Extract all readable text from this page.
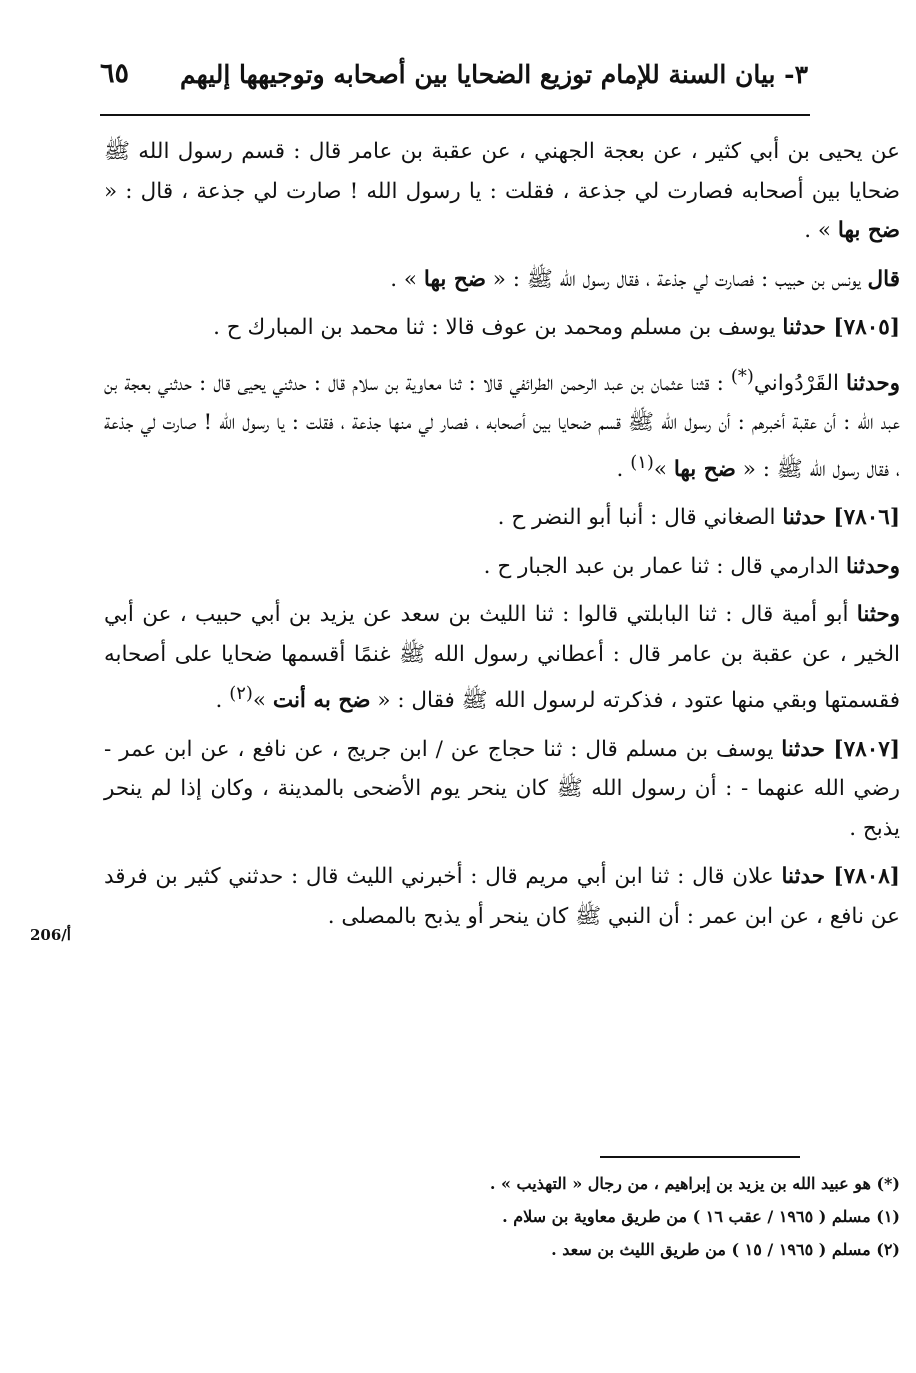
٣- بيان السنة للإمام توزيع الضحايا بين أصحابه وتوجيهها إليهم
٦٥
206/أ

عن يحيى بن أبي كثير ، عن بعجة الجهني ، عن عقبة بن عامر قال : قسم رسول الله ﷺ ضحايا بين أصحابه فصارت لي جذعة ، فقلت : يا رسول الله ! صارت لي جذعة ، قال : « ضح بها » .

قال يونس بن حبيب : فصارت لي جذعة ، فقال رسول الله ﷺ : « ضح بها » .

[٧٨٠٥] حدثنا يوسف بن مسلم ومحمد بن عوف قالا : ثنا محمد بن المبارك ح .

وحدثنا القَرْدُواني(*) : قثنا عثمان بن عبد الرحمن الطرائفي قالا : ثنا معاوية بن سلام قال : حدثني يحيى قال : حدثني بعجة بن عبد الله : أن عقبة أخبرهم : أن رسول الله ﷺ قسم ضحايا بين أصحابه ، فصار لي منها جذعة ، فقلت : يا رسول الله ! صارت لي جذعة ، فقال رسول الله ﷺ : « ضح بها »$^{(١)}$ .

[٧٨٠٦] حدثنا الصغاني قال : أنبا أبو النضر ح .

وحدثنا الدارمي قال : ثنا عمار بن عبد الجبار ح .

وحثنا أبو أمية قال : ثنا البابلتي قالوا : ثنا الليث بن سعد عن يزيد بن أبي حبيب ، عن أبي الخير ، عن عقبة بن عامر قال : أعطاني رسول الله ﷺ غنمًا أقسمها ضحايا على أصحابه فقسمتها وبقي منها عتود ، فذكرته لرسول الله ﷺ فقال : « ضح به أنت »$^{(٢)}$ .

[٧٨٠٧] حدثنا يوسف بن مسلم قال : ثنا حجاج عن / ابن جريج ، عن نافع ، عن ابن عمر - رضي الله عنهما - : أن رسول الله ﷺ كان ينحر يوم الأضحى بالمدينة ، وكان إذا لم ينحر يذبح .

[٧٨٠٨] حدثنا علان قال : ثنا ابن أبي مريم قال : أخبرني الليث قال : حدثني كثير بن فرقد عن نافع ، عن ابن عمر : أن النبي ﷺ كان ينحر أو يذبح بالمصلى .

(*) هو عبيد الله بن يزيد بن إبراهيم ، من رجال « التهذيب » .

(١) مسلم ( ١٩٦٥ / عقب ١٦ ) من طريق معاوية بن سلام .

(٢) مسلم ( ١٩٦٥ / ١٥ ) من طريق الليث بن سعد .
